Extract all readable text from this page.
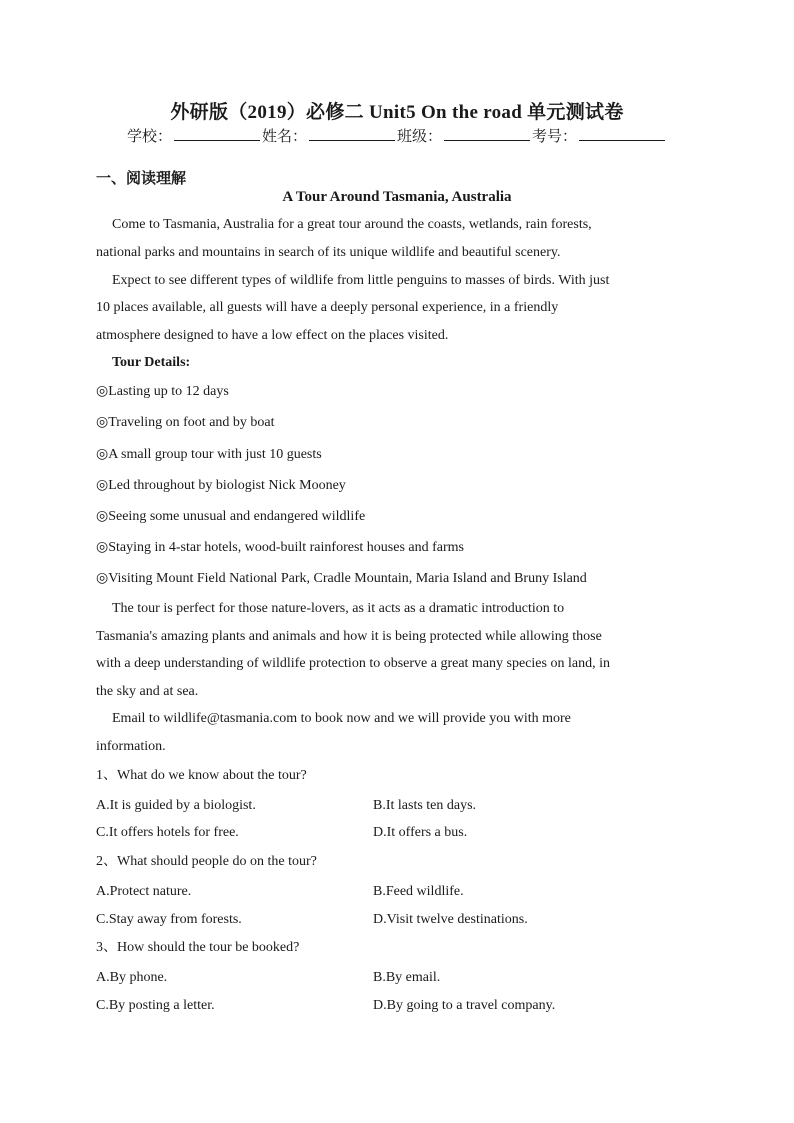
外研版（2019）必修二 Unit5 On the road 单元测试卷
学校：	姓名：	班级：	考号：
一、阅读理解
A Tour Around Tasmania, Australia
Come to Tasmania, Australia for a great tour around the coasts, wetlands, rain forests,
national parks and mountains in search of its unique wildlife and beautiful scenery.
Expect to see different types of wildlife from little penguins to masses of birds. With just
10 places available, all guests will have a deeply personal experience, in a friendly
atmosphere designed to have a low effect on the places visited.
Tour Details:
◎Lasting up to 12 days
◎Traveling on foot and by boat
◎A small group tour with just 10 guests
◎Led throughout by biologist Nick Mooney
◎Seeing some unusual and endangered wildlife
◎Staying in 4-star hotels, wood-built rainforest houses and farms
◎Visiting Mount Field National Park, Cradle Mountain, Maria Island and Bruny Island
The tour is perfect for those nature-lovers, as it acts as a dramatic introduction to
Tasmania's amazing plants and animals and how it is being protected while allowing those
with a deep understanding of wildlife protection to observe a great many species on land, in
the sky and at sea.
Email to wildlife@tasmania.com to book now and we will provide you with more
information.
1、What do we know about the tour?
A.It is guided by a biologist.	B.It lasts ten days.
C.It offers hotels for free.	D.It offers a bus.
2、What should people do on the tour?
A.Protect nature.	B.Feed wildlife.
C.Stay away from forests.	D.Visit twelve destinations.
3、How should the tour be booked?
A.By phone.	B.By email.
C.By posting a letter.	D.By going to a travel company.
